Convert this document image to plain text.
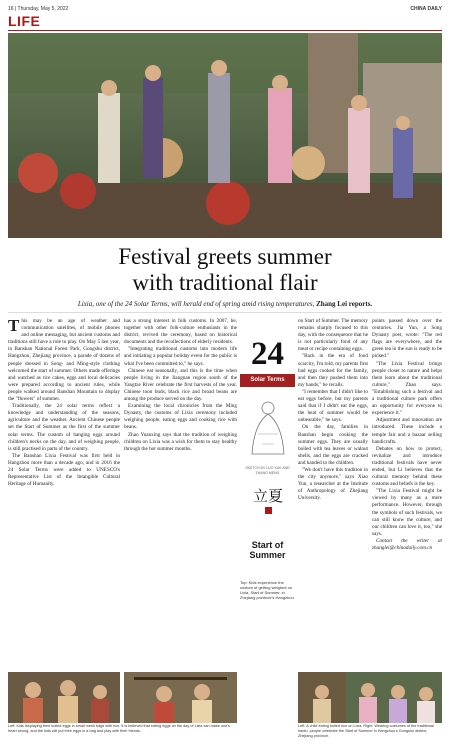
16 | Thursday, May 5, 2022	CHINA DAILY
LIFE
Festival greets summer
with traditional flair
Lixia, one of the 24 Solar Terms, will herald end of spring amid rising temperatures, Zhang Lei reports.

This may be an age of weather and communication satellites, of mobile phones and online messaging, but ancient customs and traditions still have a role to play. On May 5 last year, in Banshan National Forest Park, Gongshu district, Hangzhou, Zhejiang province, a parade of dozens of people dressed in Song- and Ming-style clothing welcomed the start of summer. Others made offerings and watched as rice cakes, eggs and local delicacies were prepared according to ancient rules, while people walked around Banshan Mountain to display the "flowers" of summer.

Traditionally, the 24 solar terms reflect a knowledge and understanding of the seasons, agriculture and the weather. Ancient Chinese people set the Start of Summer as the first of the summer solar terms. The custom of hanging eggs around children's necks on the day, and of weighing people, is still practised in parts of the country.

The Banshan Lixia Festival was first held in Hangzhou more than a decade ago, and in 2016 the 24 Solar Terms were added to UNESCO's Representative List of the Intangible Cultural Heritage of Humanity.

has a strong interest in folk customs. In 2007, he, together with other folk-culture enthusiasts in the district, revived the ceremony, based on historical documents and the recollections of elderly residents.

"Integrating traditional customs into modern life and initiating a popular holiday event for the public is what I've been committed to," he says.

Chinese eat seasonally, and this is the time when people living in the Jiangnan region south of the Yangtze River celebrate the first harvests of the year. Chinese toon buds, black rice and broad beans are among the produce served on the day.

Examining the local chronicles from the Ming Dynasty, the customs of Lixia ceremony included weighing people, eating eggs and cooking rice with beans.

Zhao Yuanxing says that the tradition of weighing children on Lixia was a wish for them to stay healthy through the hot summer months.

24
Solar Terms
SKETCH BY LUO XUE AND ZHANG MENG
立夏
Start of
Summer
Top: Kids experience the custom of getting weighed on Lixia, Start of Summer, in Zhejiang province's Hangzhou.

on Start of Summer. The memory remains sharply focused to this day, with the consequence that he is not particularly fond of any meat or recipe containing eggs.

"Back in the era of food scarcity, I'm told, my parents first had eggs cooked for the family, and then they pushed them into my hands," he recalls.

"I remember that I didn't like to eat eggs before, but my parents said that if I didn't eat the eggs, the heat of summer would be unbearable," he says.

On the day, families in Banshan begin cooking the summer eggs. They are usually boiled with tea leaves or walnut shells, and the eggs are cracked and handed to the children.

"We don't have this tradition in the city anymore," says Xiao Yun, a researcher at the Institute of Anthropology of Zhejiang University.

points passed down over the centuries. Jia Yun, a Song Dynasty poet, wrote: "The red flags are everywhere, and the green tea in the sun is ready to be picked."

"The Lixia Festival brings people closer to nature and helps them learn about the traditional culture," Zhao says. "Establishing such a festival and a traditional culture park offers an opportunity for everyone to experience it."

Adjustment and innovation are introduced. These include a temple fair and a bazaar selling handicrafts.

Debates on how to protect, revitalize and introduce traditional festivals have never ended, but Li believes that the cultural memory behind these customs and beliefs is the key.

"The Lixia Festival might be viewed by many as a mere performance. However, through the symbols of such festivals, we can still know the culture, and our children can love it, too," she says.

Contact the writer at zhanglei@chinadaily.com.cn

Left: Kids displaying their boiled eggs in small mesh bags with rice. It is believed that eating eggs on the day of Lixia can make one's heart strong, and the kids will put their eggs in a bag and play with their friends.
Left: A child eating boiled rice on Lixia. Right: Wearing costumes of the traditional hanfu, people celebrate the Start of Summer in Hangzhou's Gongshu district, Zhejiang province.
